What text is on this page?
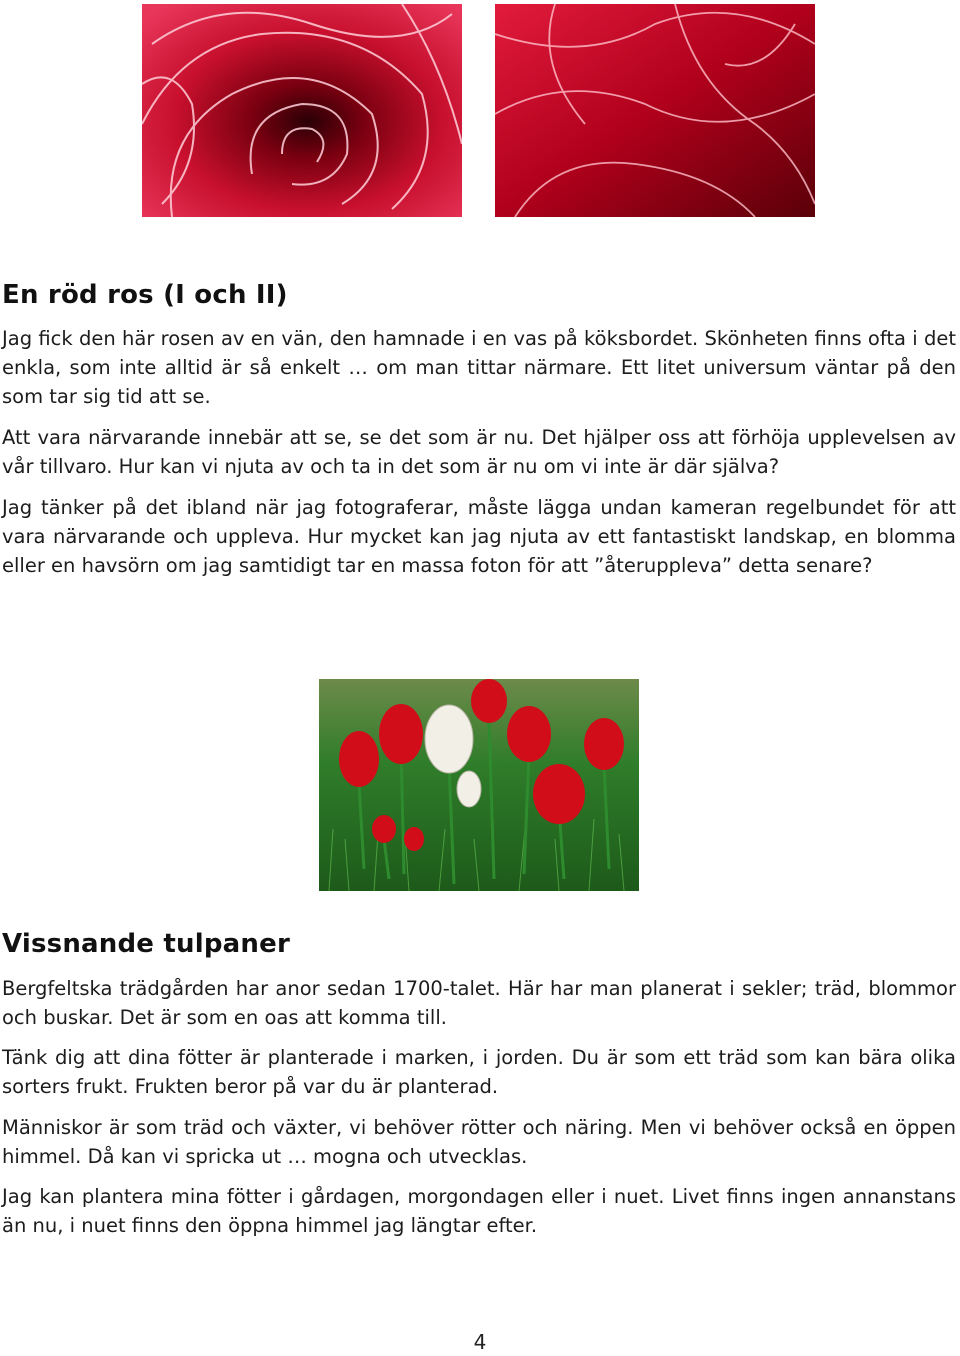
En röd ros (I och II)

Jag fick den här rosen av en vän, den hamnade i en vas på köksbordet. Skönheten finns ofta i det enkla, som inte alltid är så enkelt … om man tittar närmare. Ett litet universum väntar på den som tar sig tid att se.

Att vara närvarande innebär att se, se det som är nu. Det hjälper oss att förhöja upplevelsen av vår tillvaro. Hur kan vi njuta av och ta in det som är nu om vi inte är där själva?

Jag tänker på det ibland när jag fotograferar, måste lägga undan kameran regelbundet för att vara närvarande och uppleva. Hur mycket kan jag njuta av ett fantastiskt landskap, en blomma eller en havsörn om jag samtidigt tar en massa foton för att ”återuppleva” detta senare?

Vissnande tulpaner

Bergfeltska trädgården har anor sedan 1700-talet. Här har man planerat i sekler; träd, blommor och buskar. Det är som en oas att komma till.

Tänk dig att dina fötter är planterade i marken, i jorden. Du är som ett träd som kan bära olika sorters frukt. Frukten beror på var du är planterad.

Människor är som träd och växter, vi behöver rötter och näring. Men vi behöver också en öppen himmel. Då kan vi spricka ut … mogna och utvecklas.

Jag kan plantera mina fötter i gårdagen, morgondagen eller i nuet. Livet finns ingen annanstans än nu, i nuet finns den öppna himmel jag längtar efter.

4
